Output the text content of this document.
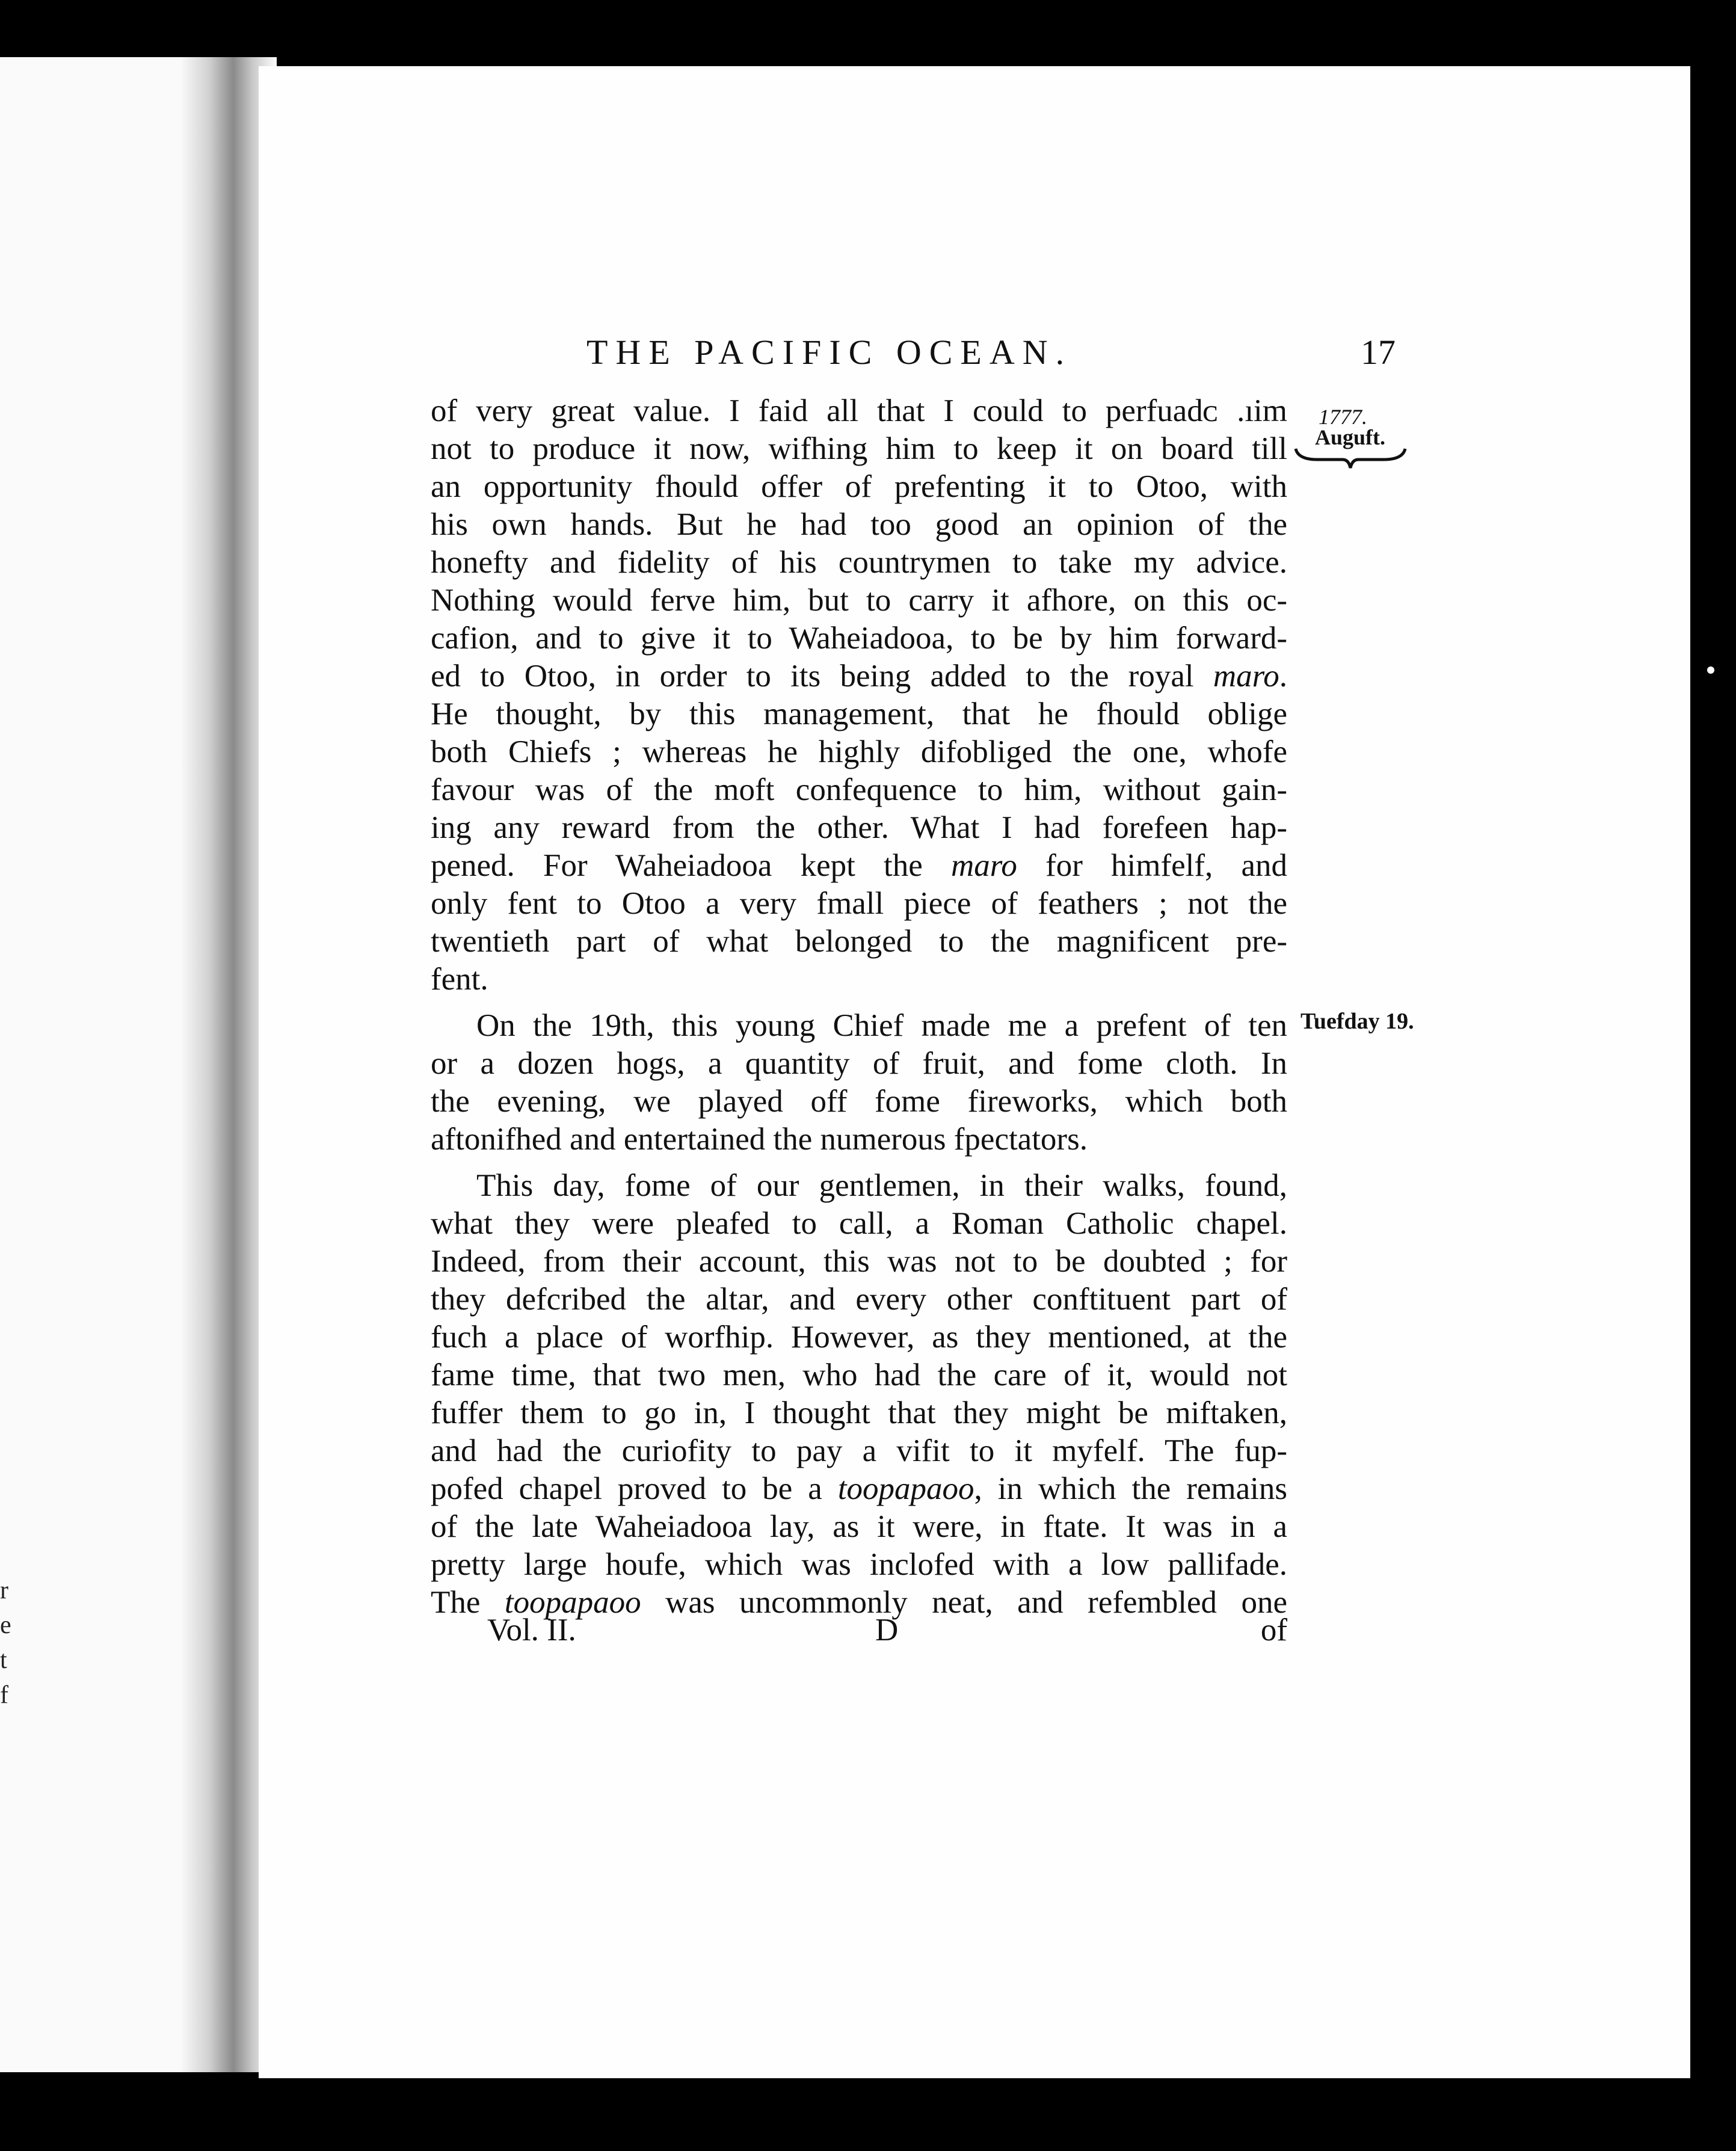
r
e
t
f
THE PACIFIC OCEAN.	17
1777.
Auguft.
Tuefday 19.
of very great value. I faid all that I could to perfuadᴄ .ıim
not to produce it now, wifhing him to keep it on board till
an opportunity fhould offer of prefenting it to Otoo, with
his own hands. But he had too good an opinion of the
honefty and fidelity of his countrymen to take my advice.
Nothing would ferve him, but to carry it afhore, on this oc-
cafion, and to give it to Waheiadooa, to be by him forward-
ed to Otoo, in order to its being added to the royal maro.
He thought, by this management, that he fhould oblige
both Chiefs ; whereas he highly difobliged the one, whofe
favour was of the moft confequence to him, without gain-
ing any reward from the other. What I had forefeen hap-
pened. For Waheiadooa kept the maro for himfelf, and
only fent to Otoo a very fmall piece of feathers ; not the
twentieth part of what belonged to the magnificent pre-
fent.
On the 19th, this young Chief made me a prefent of ten
or a dozen hogs, a quantity of fruit, and fome cloth. In
the evening, we played off fome fireworks, which both
aftonifhed and entertained the numerous fpectators.
This day, fome of our gentlemen, in their walks, found,
what they were pleafed to call, a Roman Catholic chapel.
Indeed, from their account, this was not to be doubted ; for
they defcribed the altar, and every other conftituent part of
fuch a place of worfhip. However, as they mentioned, at the
fame time, that two men, who had the care of it, would not
fuffer them to go in, I thought that they might be miftaken,
and had the curiofity to pay a vifit to it myfelf. The fup-
pofed chapel proved to be a toopapaoo, in which the remains
of the late Waheiadooa lay, as it were, in ftate. It was in a
pretty large houfe, which was inclofed with a low pallifade.
The toopapaoo was uncommonly neat, and refembled one
Vol. II.	D	of
